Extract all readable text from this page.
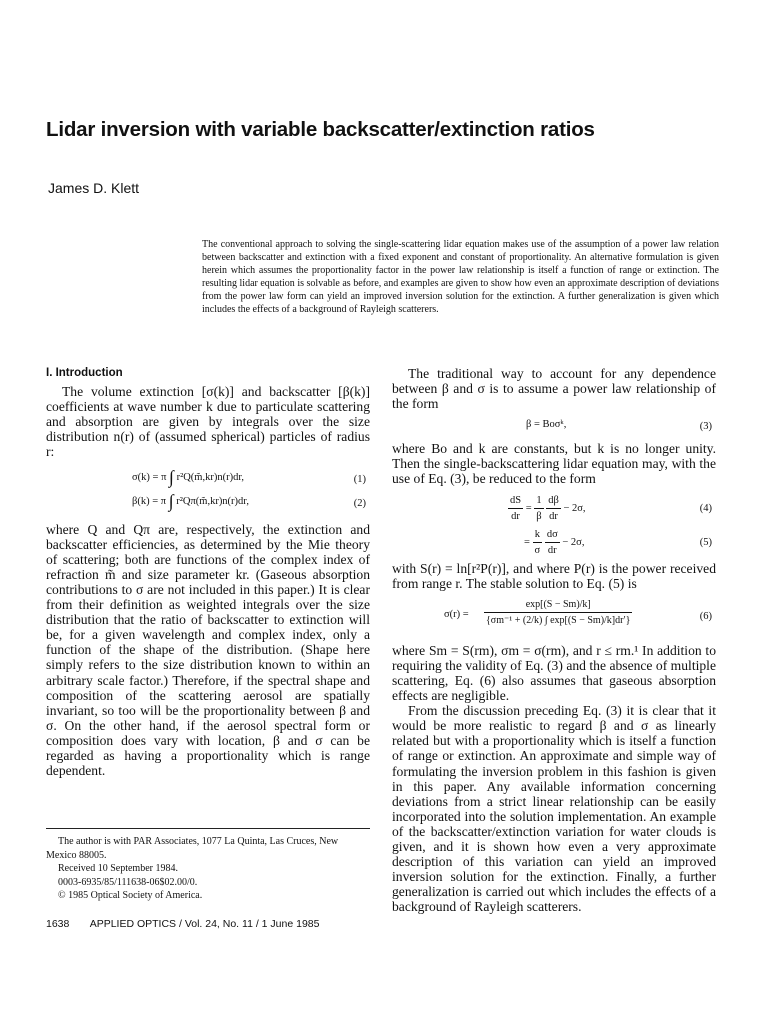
Lidar inversion with variable backscatter/extinction ratios
James D. Klett
The conventional approach to solving the single-scattering lidar equation makes use of the assumption of a power law relation between backscatter and extinction with a fixed exponent and constant of proportionality. An alternative formulation is given herein which assumes the proportionality factor in the power law relationship is itself a function of range or extinction. The resulting lidar equation is solvable as before, and examples are given to show how even an approximate description of deviations from the power law form can yield an improved inversion solution for the extinction. A further generalization is given which includes the effects of a background of Rayleigh scatterers.
I. Introduction

The volume extinction [σ(k)] and backscatter [β(k)] coefficients at wave number k due to particulate scattering and absorption are given by integrals over the size distribution n(r) of (assumed spherical) particles of radius r:

σ(k) = π ∫ r²Q(m̃,kr)n(r)dr,	(1)
β(k) = π ∫ r²Qπ(m̃,kr)n(r)dr,	(2)

where Q and Qπ are, respectively, the extinction and backscatter efficiencies, as determined by the Mie theory of scattering; both are functions of the complex index of refraction m̃ and size parameter kr. (Gaseous absorption contributions to σ are not included in this paper.) It is clear from their definition as weighted integrals over the size distribution that the ratio of backscatter to extinction will be, for a given wavelength and complex index, only a function of the shape of the distribution. (Shape here simply refers to the size distribution known to within an arbitrary scale factor.) Therefore, if the spectral shape and composition of the scattering aerosol are spatially invariant, so too will be the proportionality between β and σ. On the other hand, if the aerosol spectral form or composition does vary with location, β and σ can be regarded as having a proportionality which is range dependent.

The traditional way to account for any dependence between β and σ is to assume a power law relationship of the form

β = Boσᵏ,	(3)

where Bo and k are constants, but k is no longer unity. Then the single-backscattering lidar equation may, with the use of Eq. (3), be reduced to the form

$\frac{dS}{dr} = \frac{1}{\beta}$
$\frac{d\beta}{dr} - 2\sigma$,	(4)
= $\frac{k}{\sigma}$
$\frac{d\sigma}{dr} - 2\sigma$,	(5)

with S(r) = ln[r²P(r)], and where P(r) is the power received from range r. The stable solution to Eq. (5) is

$\sigma(r) = \frac{\exp[(S - Sm)/k]}{\text{\{σm⁻¹ + (2/k) ∫ exp[(S − Sm)/k]dr′\}}}$	(6)

where Sm = S(rm), σm = σ(rm), and r ≤ rm.¹ In addition to requiring the validity of Eq. (3) and the absence of multiple scattering, Eq. (6) also assumes that gaseous absorption effects are negligible.

From the discussion preceding Eq. (3) it is clear that it would be more realistic to regard β and σ as linearly related but with a proportionality which is itself a function of range or extinction. An approximate and simple way of formulating the inversion problem in this fashion is given in this paper. Any available information concerning deviations from a strict linear relationship can be easily incorporated into the solution implementation. An example of the backscatter/extinction variation for water clouds is given, and it is shown how even a very approximate description of this variation can yield an improved inversion solution for the extinction. Finally, a further generalization is carried out which includes the effects of a background of Rayleigh scatterers.

The author is with PAR Associates, 1077 La Quinta, Las Cruces, New Mexico 88005.
Received 10 September 1984.
0003-6935/85/111638-06$02.00/0.
© 1985 Optical Society of America.
1638 APPLIED OPTICS / Vol. 24, No. 11 / 1 June 1985
